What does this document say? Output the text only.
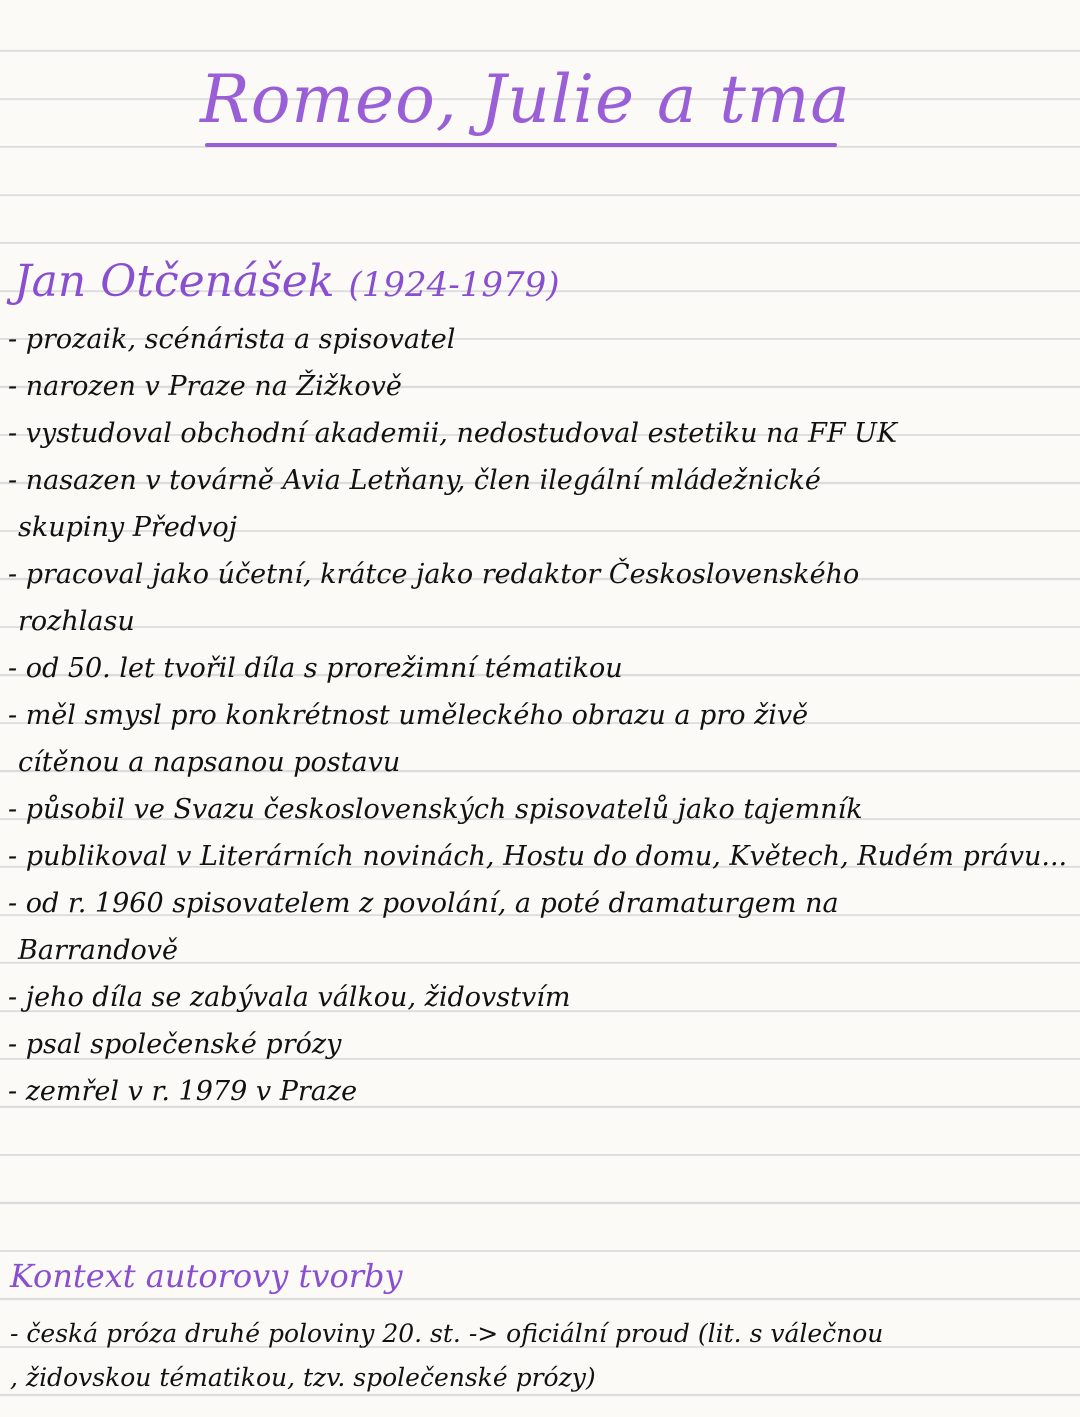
Romeo, Julie a tma
Jan Otčenášek (1924-1979)
- prozaik, scénárista a spisovatel
- narozen v Praze na Žižkově
- vystudoval obchodní akademii, nedostudoval estetiku na FF UK
- nasazen v továrně Avia Letňany, člen ilegální mládežnické
skupiny Předvoj
- pracoval jako účetní, krátce jako redaktor Československého
rozhlasu
- od 50. let tvořil díla s prorežimní tématikou
- měl smysl pro konkrétnost uměleckého obrazu a pro živě
cítěnou a napsanou postavu
- působil ve Svazu československých spisovatelů jako tajemník
- publikoval v Literárních novinách, Hostu do domu, Květech, Rudém právu...
- od r. 1960 spisovatelem z povolání, a poté dramaturgem na
Barrandově
- jeho díla se zabývala válkou, židovstvím
- psal společenské prózy
- zemřel v r. 1979 v Praze
Kontext autorovy tvorby
- česká próza druhé poloviny 20. st. -> oficiální proud (lit. s válečnou
, židovskou tématikou, tzv. společenské prózy)
